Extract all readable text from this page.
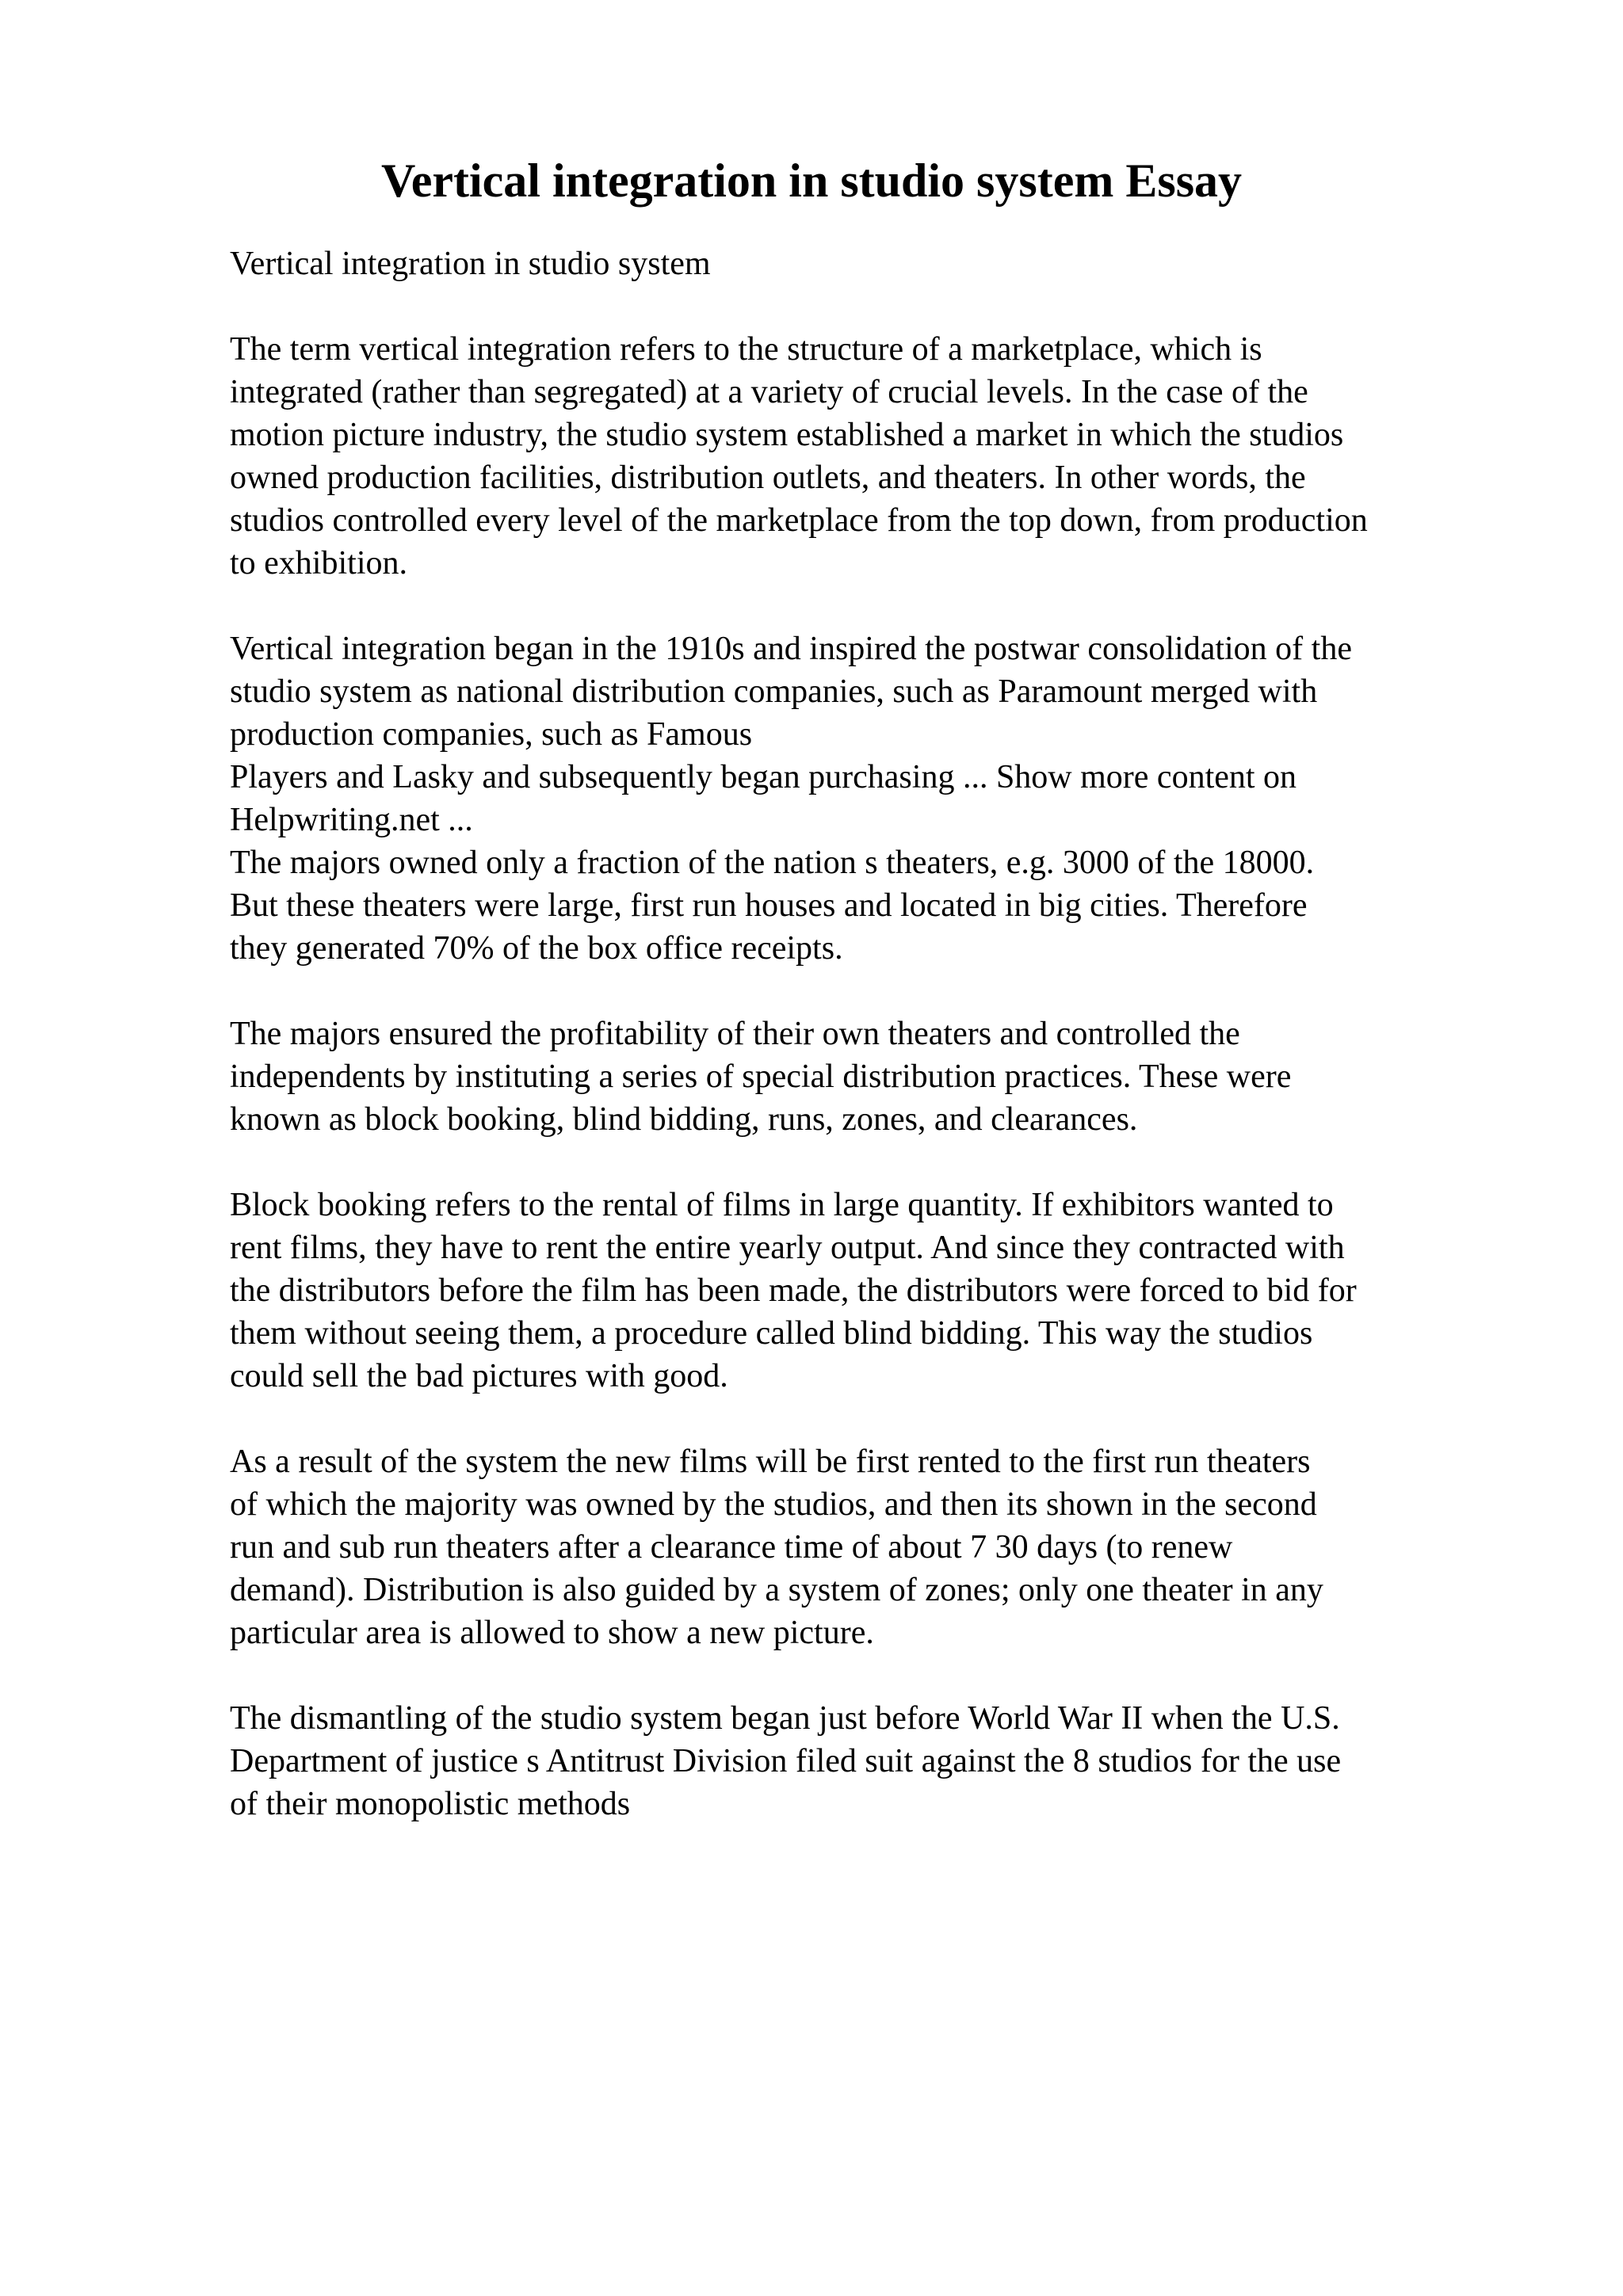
Vertical integration in studio system Essay
Vertical integration in studio system
The term vertical integration refers to the structure of a marketplace, which is
integrated (rather than segregated) at a variety of crucial levels. In the case of the
motion picture industry, the studio system established a market in which the studios
owned production facilities, distribution outlets, and theaters. In other words, the
studios controlled every level of the marketplace from the top down, from production
to exhibition.
Vertical integration began in the 1910s and inspired the postwar consolidation of the
studio system as national distribution companies, such as Paramount merged with
production companies, such as Famous
Players and Lasky and subsequently began purchasing ... Show more content on
Helpwriting.net ...
The majors owned only a fraction of the nation s theaters, e.g. 3000 of the 18000.
But these theaters were large, first run houses and located in big cities. Therefore
they generated 70% of the box office receipts.
The majors ensured the profitability of their own theaters and controlled the
independents by instituting a series of special distribution practices. These were
known as block booking, blind bidding, runs, zones, and clearances.
Block booking refers to the rental of films in large quantity. If exhibitors wanted to
rent films, they have to rent the entire yearly output. And since they contracted with
the distributors before the film has been made, the distributors were forced to bid for
them without seeing them, a procedure called blind bidding. This way the studios
could sell the bad pictures with good.
As a result of the system the new films will be first rented to the first run theaters
of which the majority was owned by the studios, and then its shown in the second
run and sub run theaters after a clearance time of about 7 30 days (to renew
demand). Distribution is also guided by a system of zones; only one theater in any
particular area is allowed to show a new picture.
The dismantling of the studio system began just before World War II when the U.S.
Department of justice s Antitrust Division filed suit against the 8 studios for the use
of their monopolistic methods
